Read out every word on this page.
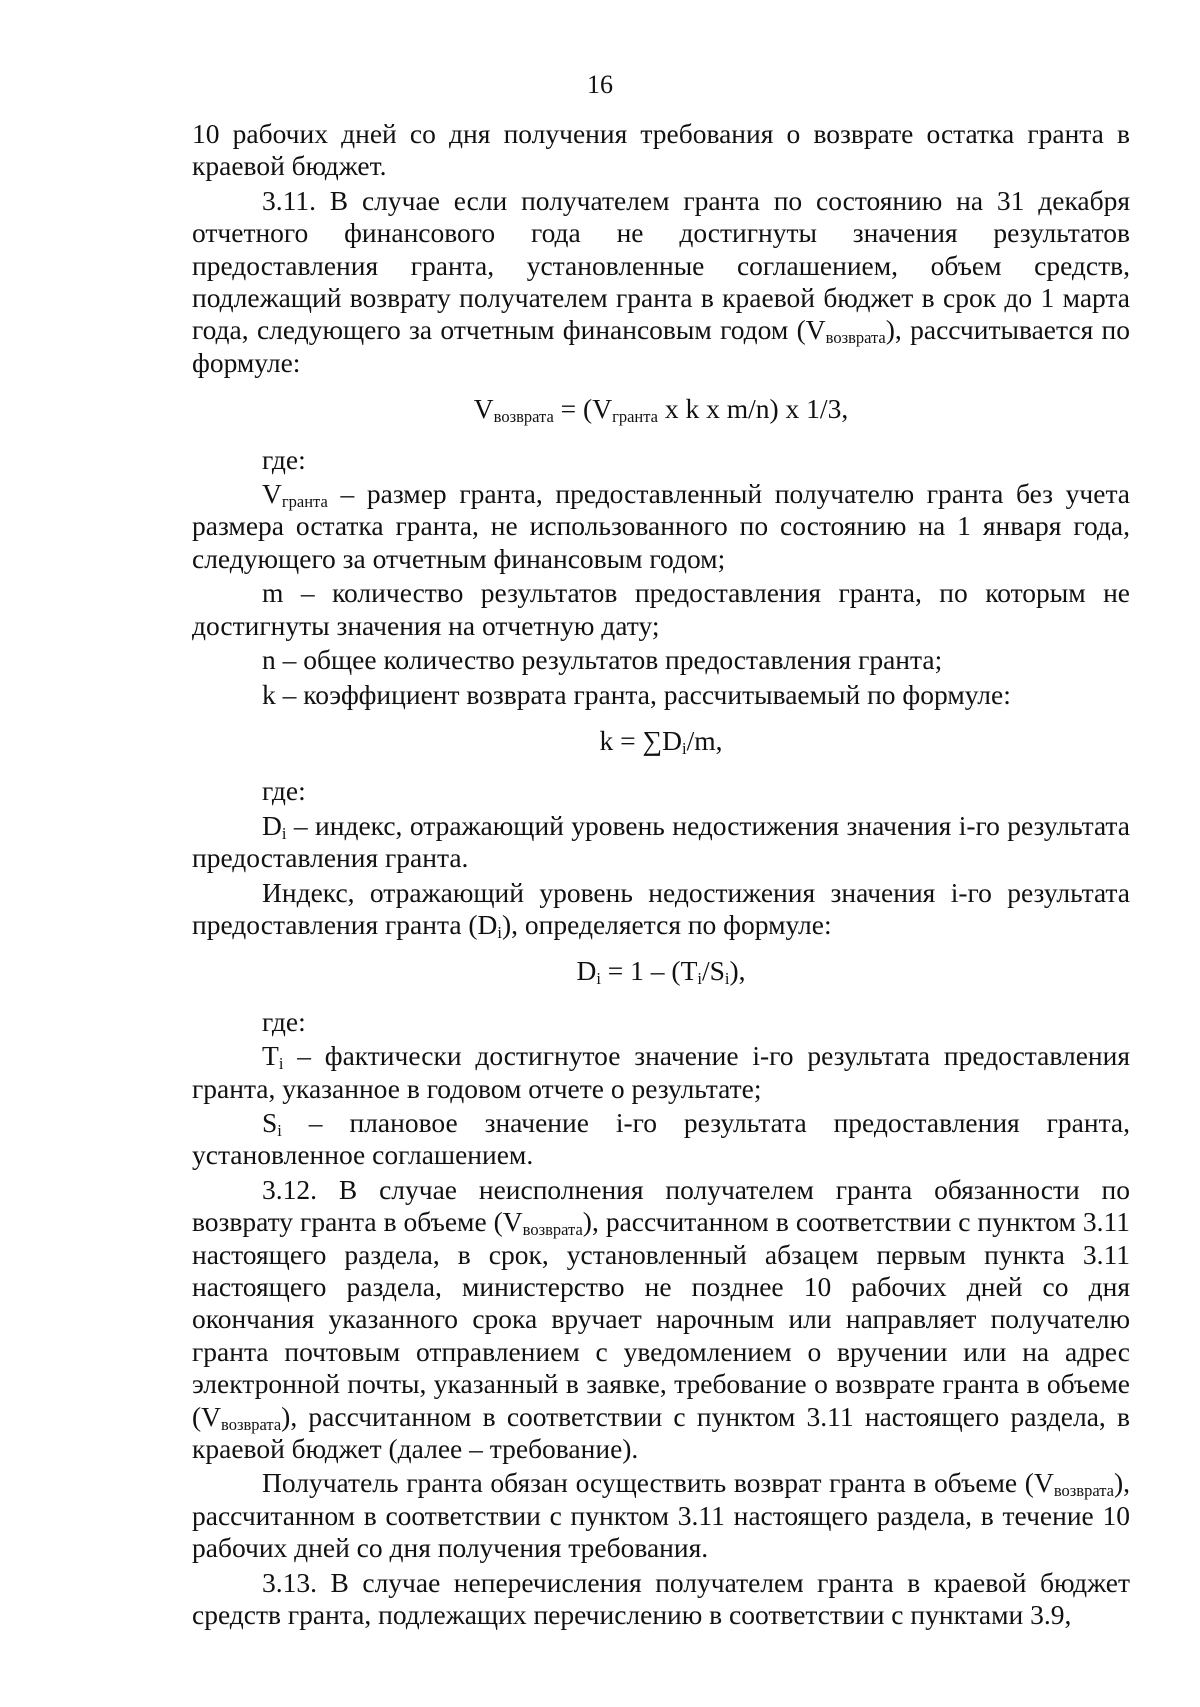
16

10 рабочих дней со дня получения требования о возврате остатка гранта в краевой бюджет.

3.11. В случае если получателем гранта по состоянию на 31 декабря отчетного финансового года не достигнуты значения результатов предоставления гранта, установленные соглашением, объем средств, подлежащий возврату получателем гранта в краевой бюджет в срок до 1 марта года, следующего за отчетным финансовым годом $(V_{возврата})$, рассчитывается по формуле:

$V_{возврата} = (V_{гранта}$ x k x m/n) x 1/3,

где:

$V_{гранта}$ – размер гранта, предоставленный получателю гранта без учета размера остатка гранта, не использованного по состоянию на 1 января года, следующего за отчетным финансовым годом;

m – количество результатов предоставления гранта, по которым не достигнуты значения на отчетную дату;

n – общее количество результатов предоставления гранта;

k – коэффициент возврата гранта, рассчитываемый по формуле:

$k = \sum D_i/m$,

где:

$D_i$ – индекс, отражающий уровень недостижения значения i-го результата предоставления гранта.

Индекс, отражающий уровень недостижения значения i-го результата предоставления гранта $(D_i)$, определяется по формуле:

$D_i = 1 - (T_i/S_i)$,

где:

$T_i$ – фактически достигнутое значение i-го результата предоставления гранта, указанное в годовом отчете о результате;

$S_i$ – плановое значение i-го результата предоставления гранта, установленное соглашением.

3.12. В случае неисполнения получателем гранта обязанности по возврату гранта в объеме $(V_{возврата})$, рассчитанном в соответствии с пунктом 3.11 настоящего раздела, в срок, установленный абзацем первым пункта 3.11 настоящего раздела, министерство не позднее 10 рабочих дней со дня окончания указанного срока вручает нарочным или направляет получателю гранта почтовым отправлением с уведомлением о вручении или на адрес электронной почты, указанный в заявке, требование о возврате гранта в объеме $(V_{возврата})$, рассчитанном в соответствии с пунктом 3.11 настоящего раздела, в краевой бюджет (далее – требование).

Получатель гранта обязан осуществить возврат гранта в объеме $(V_{возврата})$, рассчитанном в соответствии с пунктом 3.11 настоящего раздела, в течение 10 рабочих дней со дня получения требования.

3.13. В случае неперечисления получателем гранта в краевой бюджет средств гранта, подлежащих перечислению в соответствии с пунктами 3.9,
